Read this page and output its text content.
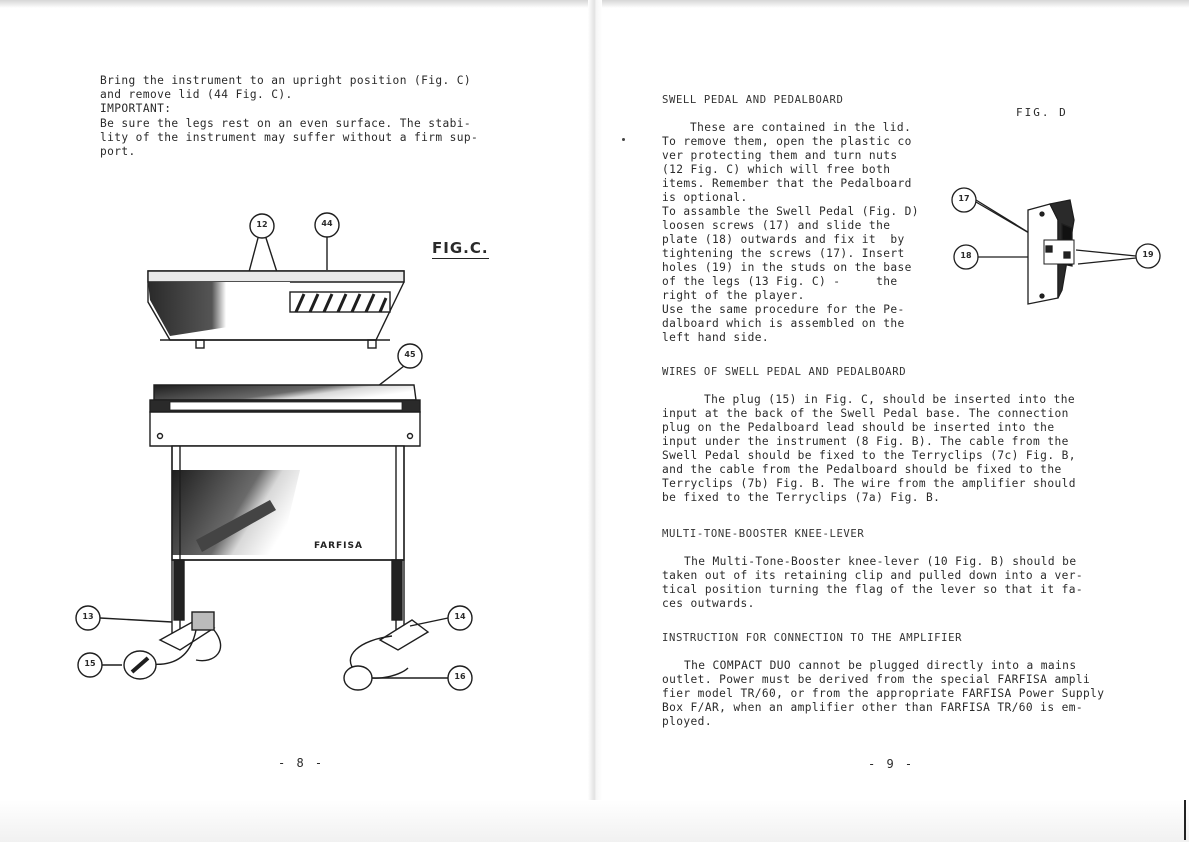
Bring the instrument to an upright position (Fig. C)
and remove lid (44 Fig. C).
IMPORTANT:
Be sure the legs rest on an even surface. The stabi-
lity of the instrument may suffer without a firm sup-
port.
FIG.C.
FARFISA
12	44
45
13	14
15
16
- 8 -
SWELL PEDAL AND PEDALBOARD
FIG. D
These are contained in the lid.
To remove them, open the plastic co
ver protecting them and turn nuts
(12 Fig. C) which will free both
items. Remember that the Pedalboard
is optional.
To assamble the Swell Pedal (Fig. D)
loosen screws (17) and slide the
plate (18) outwards and fix it  by
tightening the screws (17). Insert
holes (19) in the studs on the base
of the legs (13 Fig. C) -     the
right of the player.
Use the same procedure for the Pe-
dalboard which is assembled on the
left hand side.
17
18	19
WIRES OF SWELL PEDAL AND PEDALBOARD
The plug (15) in Fig. C, should be inserted into the
input at the back of the Swell Pedal base. The connection
plug on the Pedalboard lead should be inserted into the
input under the instrument (8 Fig. B). The cable from the
Swell Pedal should be fixed to the Terryclips (7c) Fig. B,
and the cable from the Pedalboard should be fixed to the
Terryclips (7b) Fig. B. The wire from the amplifier should
be fixed to the Terryclips (7a) Fig. B.
MULTI-TONE-BOOSTER KNEE-LEVER
The Multi-Tone-Booster knee-lever (10 Fig. B) should be
taken out of its retaining clip and pulled down into a ver-
tical position turning the flag of the lever so that it fa-
ces outwards.
INSTRUCTION FOR CONNECTION TO THE AMPLIFIER
The COMPACT DUO cannot be plugged directly into a mains
outlet. Power must be derived from the special FARFISA ampli
fier model TR/60, or from the appropriate FARFISA Power Supply
Box F/AR, when an amplifier other than FARFISA TR/60 is em-
ployed.
- 9 -
